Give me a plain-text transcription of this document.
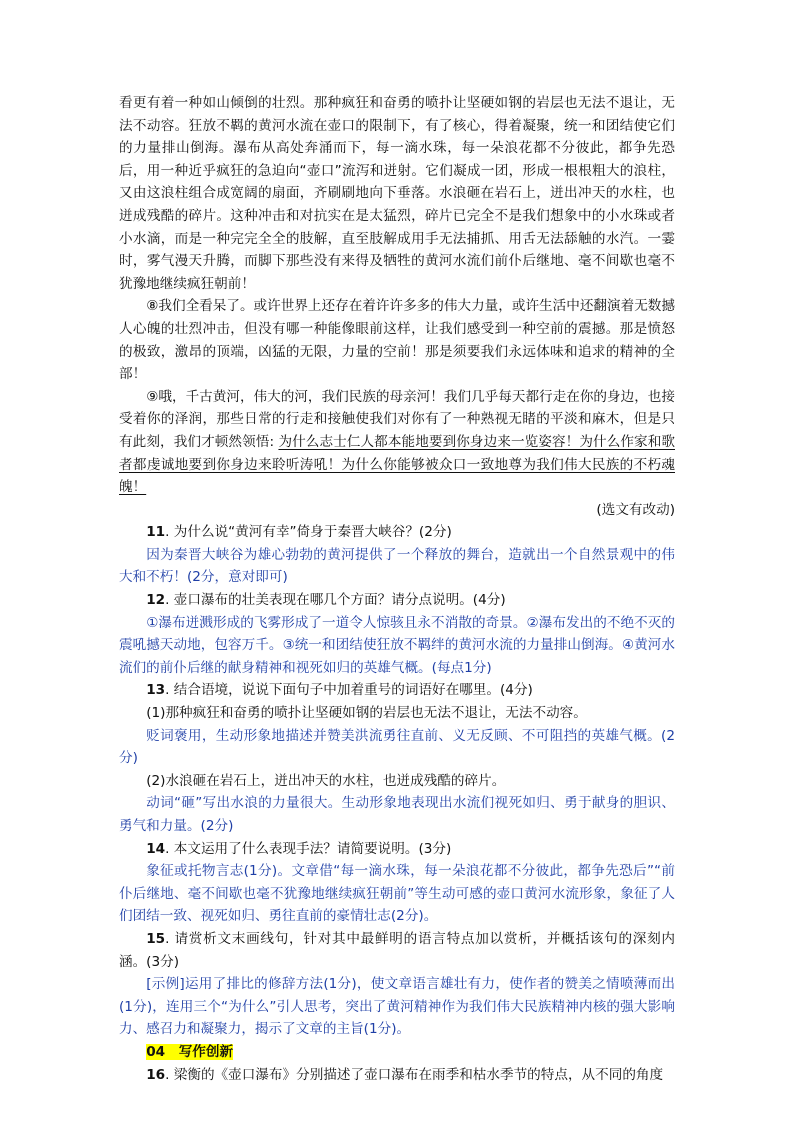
看更有着一种如山倾倒的壮烈。那种疯狂和奋勇的喷扑让坚硬如钢的岩层也无法不退让，无法不动容。狂放不羁的黄河水流在壶口的限制下，有了核心，得着凝聚，统一和团结使它们的力量排山倒海。瀑布从高处奔涌而下，每一滴水珠，每一朵浪花都不分彼此，都争先恐后，用一种近乎疯狂的急迫向“壶口”流泻和迸射。它们凝成一团，形成一根根粗大的浪柱，又由这浪柱组合成宽阔的扇面，齐刷刷地向下垂落。水浪砸在岩石上，迸出冲天的水柱，也迸成残酷的碎片。这种冲击和对抗实在是太猛烈，碎片已完全不是我们想象中的小水珠或者小水滴，而是一种完完全全的肢解，直至肢解成用手无法捕抓、用舌无法舔触的水汽。一霎时，雾气漫天升腾，而脚下那些没有来得及牺牲的黄河水流们前仆后继地、毫不间歇也毫不犹豫地继续疯狂朝前！

⑧我们全看呆了。或许世界上还存在着许许多多的伟大力量，或许生活中还翻演着无数撼人心魄的壮烈冲击，但没有哪一种能像眼前这样，让我们感受到一种空前的震撼。那是愤怒的极致，激昂的顶端，凶猛的无限，力量的空前！那是须要我们永远体味和追求的精神的全部！

⑨哦，千古黄河，伟大的河，我们民族的母亲河！我们几乎每天都行走在你的身边，也接受着你的泽润，那些日常的行走和接触使我们对你有了一种熟视无睹的平淡和麻木，但是只有此刻，我们才顿然领悟: 为什么志士仁人都本能地要到你身边来一览姿容！为什么作家和歌者都虔诚地要到你身边来聆听涛吼！为什么你能够被众口一致地尊为我们伟大民族的不朽魂魄！

(选文有改动)

11. 为什么说“黄河有幸”倚身于秦晋大峡谷？(2分)

因为秦晋大峡谷为雄心勃勃的黄河提供了一个释放的舞台，造就出一个自然景观中的伟大和不朽！(2分，意对即可)

12. 壶口瀑布的壮美表现在哪几个方面？请分点说明。(4分)

①瀑布迸溅形成的飞雾形成了一道令人惊骇且永不消散的奇景。②瀑布发出的不绝不灭的震吼撼天动地，包容万千。③统一和团结使狂放不羁绊的黄河水流的力量排山倒海。④黄河水流们的前仆后继的献身精神和视死如归的英雄气概。(每点1分)

13. 结合语境，说说下面句子中加着重号的词语好在哪里。(4分)

(1)那种疯狂和奋勇的喷扑让坚硬如钢的岩层也无法不退让，无法不动容。

贬词褒用，生动形象地描述并赞美洪流勇往直前、义无反顾、不可阻挡的英雄气概。(2分)

(2)水浪砸在岩石上，迸出冲天的水柱，也迸成残酷的碎片。

动词“砸”写出水浪的力量很大。生动形象地表现出水流们视死如归、勇于献身的胆识、勇气和力量。(2分)

14. 本文运用了什么表现手法？请简要说明。(3分)

象征或托物言志(1分)。文章借“每一滴水珠，每一朵浪花都不分彼此，都争先恐后”“前仆后继地、毫不间歇也毫不犹豫地继续疯狂朝前”等生动可感的壶口黄河水流形象，象征了人们团结一致、视死如归、勇往直前的豪情壮志(2分)。

15. 请赏析文末画线句，针对其中最鲜明的语言特点加以赏析，并概括该句的深刻内涵。(3分)

[示例]运用了排比的修辞方法(1分)，使文章语言雄壮有力，使作者的赞美之情喷薄而出(1分)，连用三个“为什么”引人思考，突出了黄河精神作为我们伟大民族精神内核的强大影响力、感召力和凝聚力，揭示了文章的主旨(1分)。

04　写作创新

16. 梁衡的《壶口瀑布》分别描述了壶口瀑布在雨季和枯水季节的特点，从不同的角度
